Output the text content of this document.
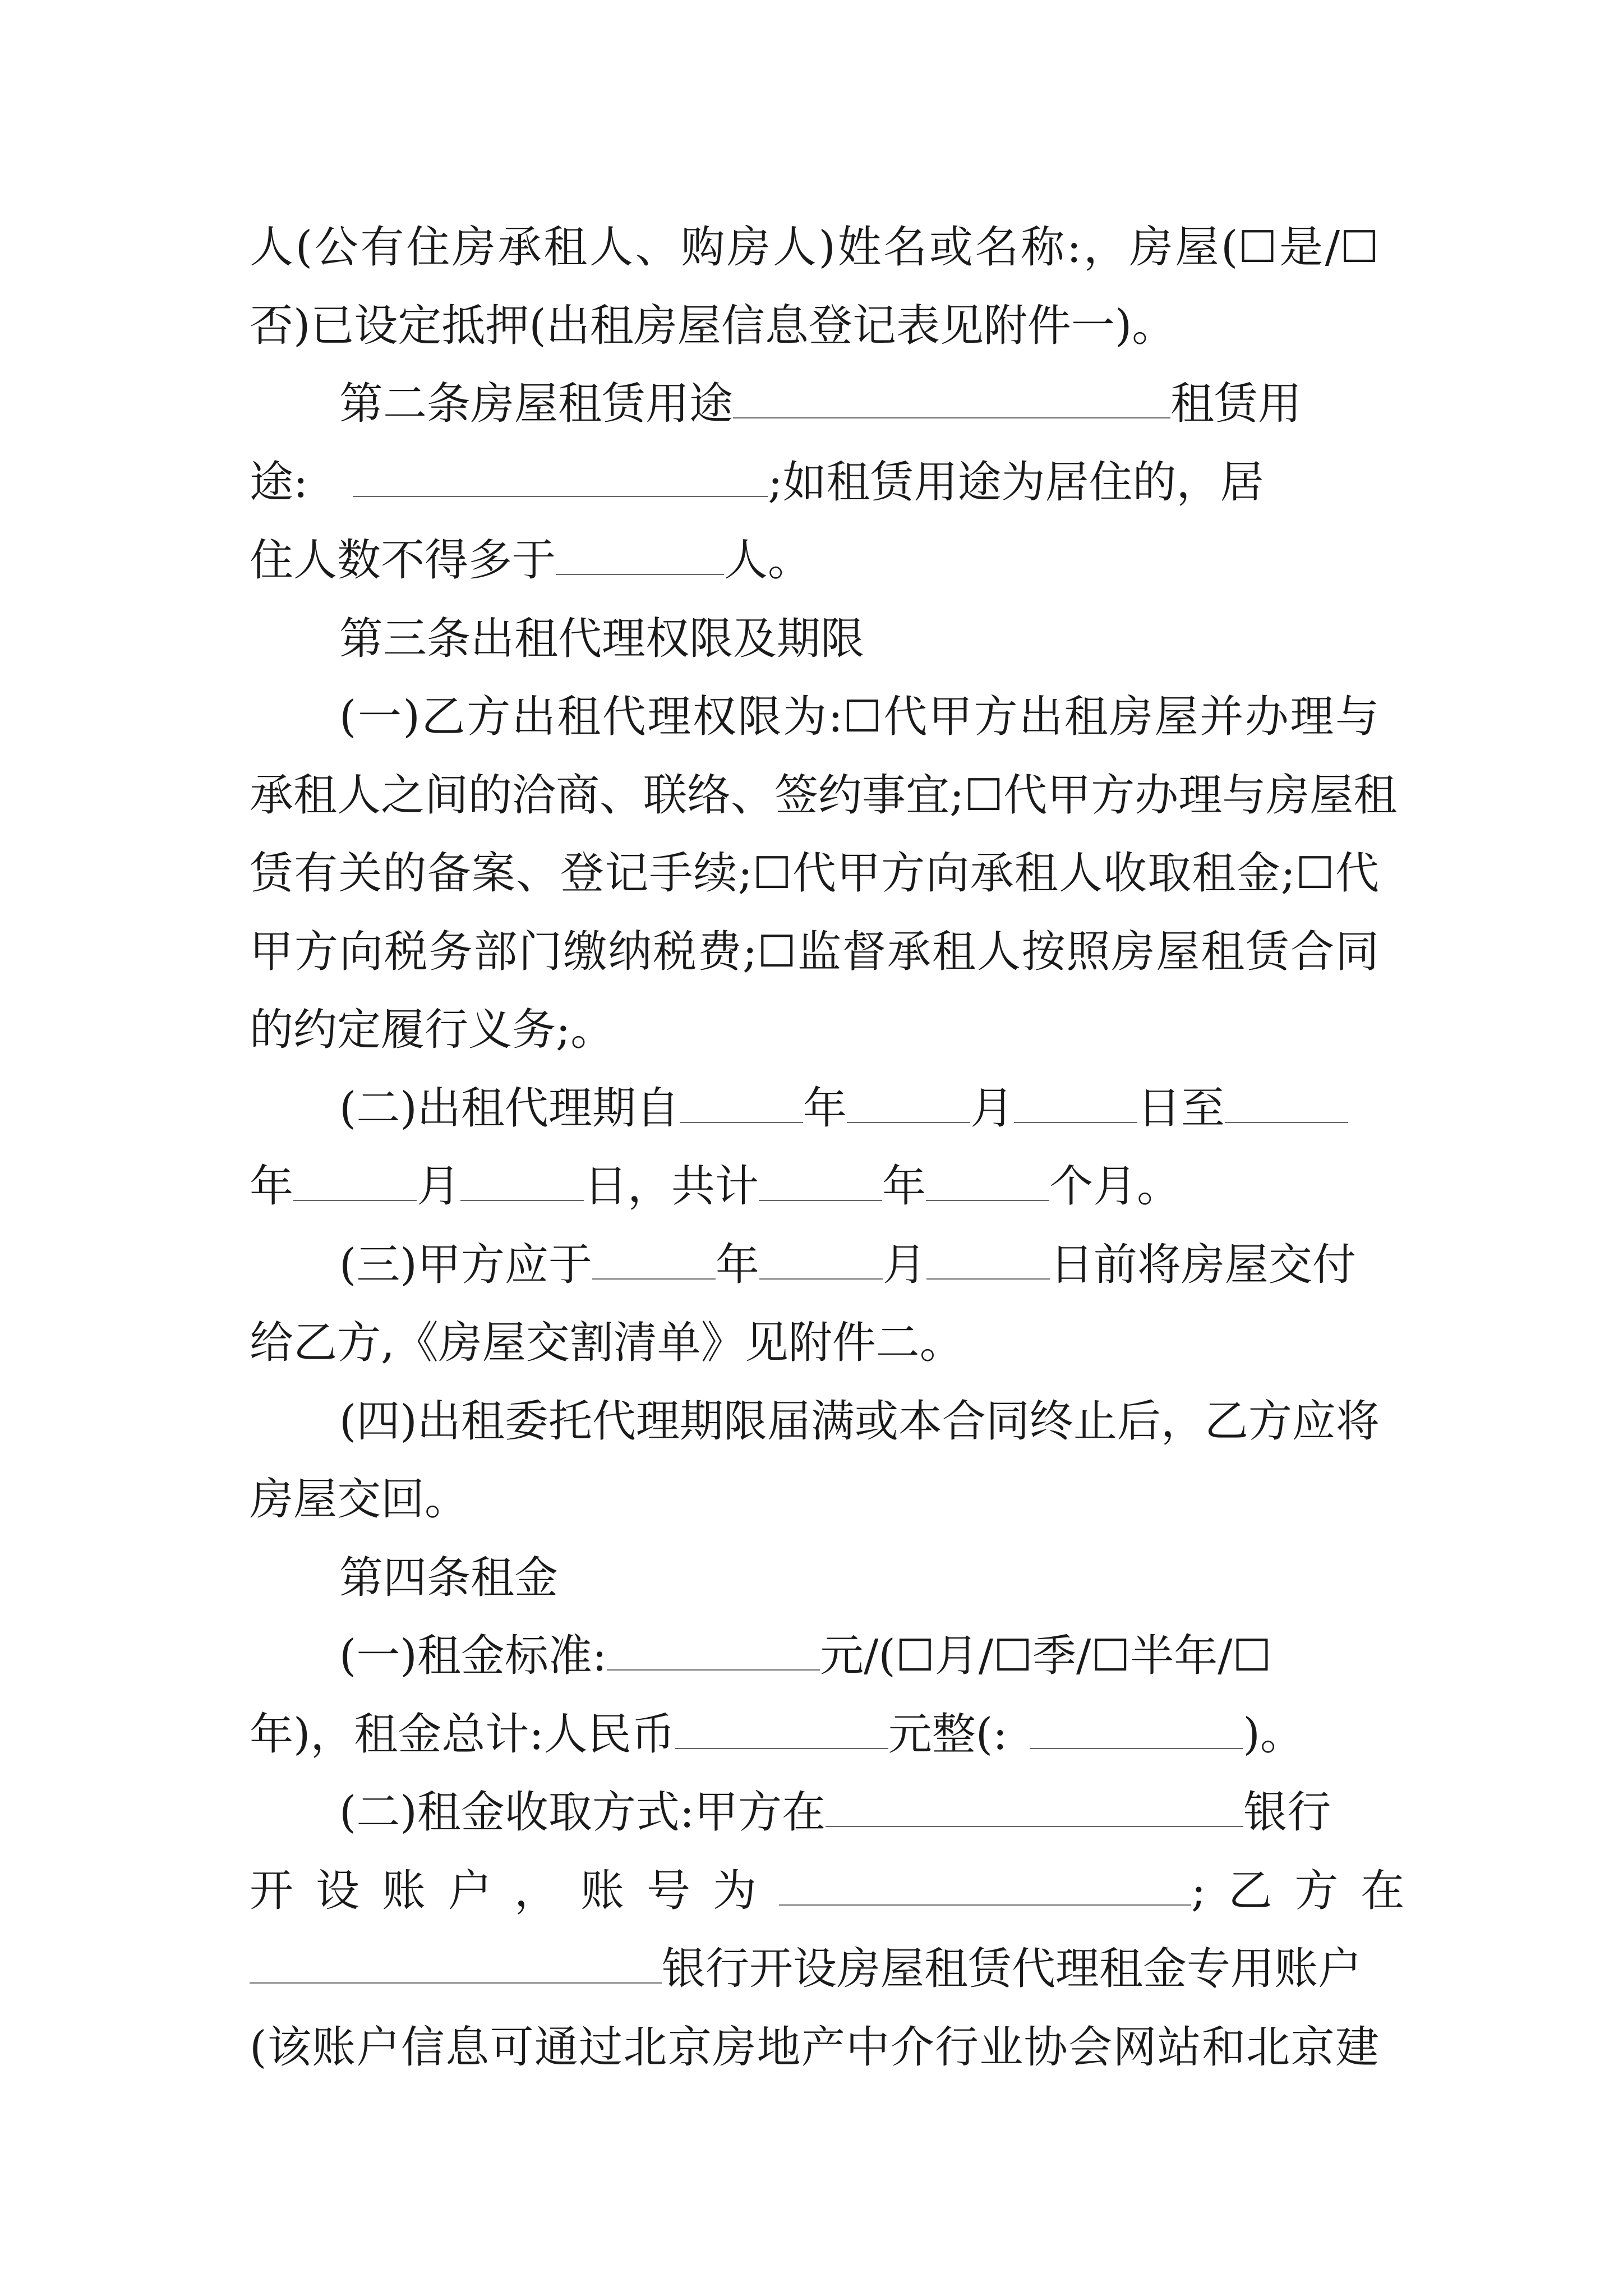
人(公有住房承租人、购房人)姓名或名称:，房屋(☐是/☐
否)已设定抵押(出租房屋信息登记表见附件一)。
第二条房屋租赁用途	租赁用
途:	;如租赁用途为居住的，居
住人数不得多于	人。
第三条出租代理权限及期限
(一)乙方出租代理权限为:☐代甲方出租房屋并办理与
承租人之间的洽商、联络、签约事宜;☐代甲方办理与房屋租
赁有关的备案、登记手续;☐代甲方向承租人收取租金;☐代
甲方向税务部门缴纳税费;☐监督承租人按照房屋租赁合同
的约定履行义务;。
(二)出租代理期自	年	月	日至
年	月	日，共计	年	个月。
(三)甲方应于	年	月	日前将房屋交付
给乙方,《房屋交割清单》见附件二。
(四)出租委托代理期限届满或本合同终止后，乙方应将
房屋交回。
第四条租金
(一)租金标准:	元/(☐月/☐季/☐半年/☐
年)，租金总计:人民币	元整(:	)。
(二)租金收取方式:甲方在	银行
开设账户，账号为	;乙方在
银行开设房屋租赁代理租金专用账户
(该账户信息可通过北京房地产中介行业协会网站和北京建
